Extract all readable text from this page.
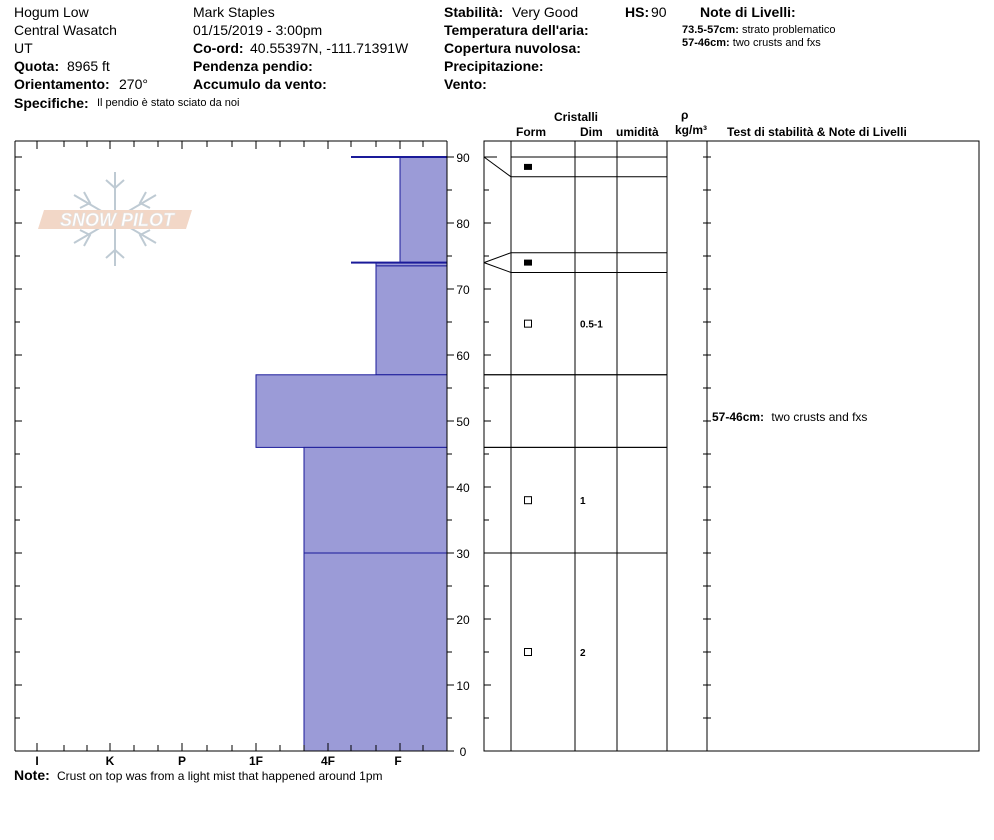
Hogum Low
Central Wasatch
UT
Quota: 8965 ft
Orientamento: 270°
Specifiche: Il pendio è stato sciato da noi
Mark Staples
01/15/2019 - 3:00pm
Co-ord: 40.55397N, -111.71391W
Pendenza pendio:
Accumulo da vento:
Stabilità: Very Good
Temperatura dell'aria:
Copertura nuvolosa:
Precipitazione:
Vento:
HS: 90 Note di Livelli:
73.5-57cm: strato problematico
57-46cm: two crusts and fxs
Cristalli
Form	Dim umidità
ρ
kg/m³ Test di stabilità & Note di Livelli
SNOW PILOT
0
10
20
30
40
50
60
70
80
90
I	K	P	1F	4F	F
0.5-1
1
2
57-46cm: two crusts and fxs
Note: Crust on top was from a light mist that happened around 1pm
